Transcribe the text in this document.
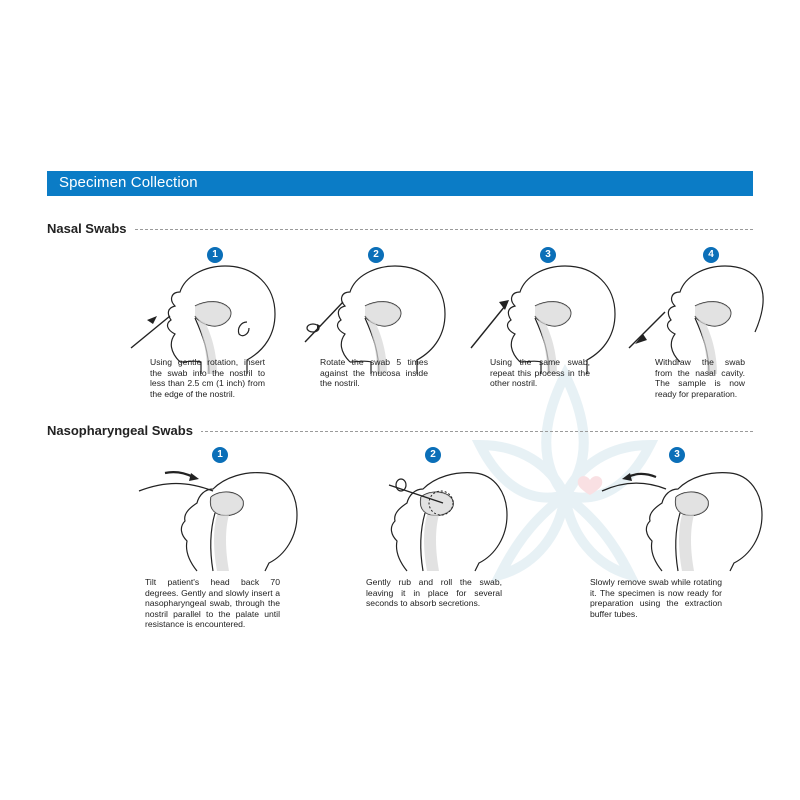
Specimen Collection
Nasal Swabs
1	2	3	4
Using gentle rotation, insert the swab into the nostril to less than 2.5 cm (1 inch) from the edge of the nostril.
Rotate the swab 5 times against the mucosa inside the nostril.
Using the same swab, repeat this process in the other nostril.
Withdraw the swab from the nasal cavity. The sample is now ready for preparation.
Nasopharyngeal Swabs
1	2	3
Tilt patient's head back 70 degrees. Gently and slowly insert a nasopharyngeal swab, through the nostril parallel to the palate until resistance is encountered.
Gently rub and roll the swab, leaving it in place for several seconds to absorb secretions.
Slowly remove swab while rotating it. The specimen is now ready for preparation using the extraction buffer tubes.
